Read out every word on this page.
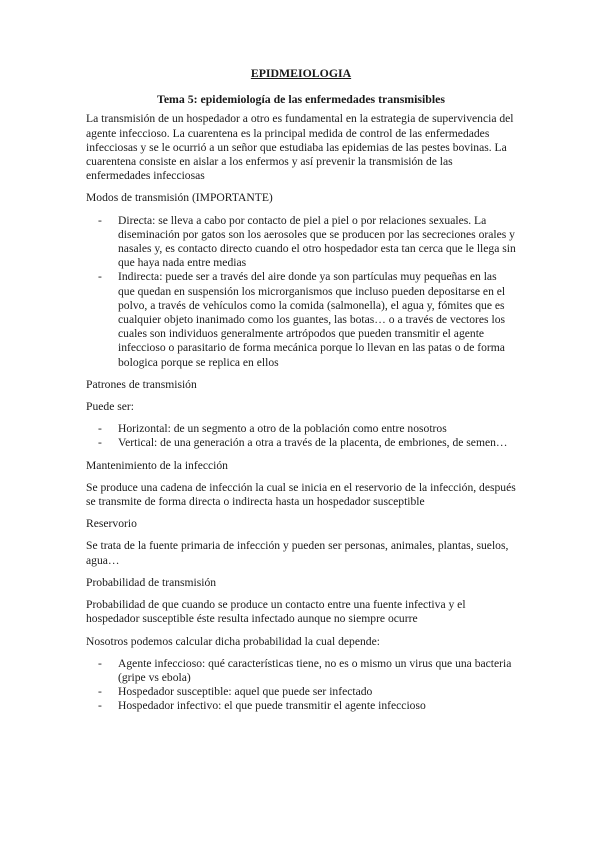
EPIDMEIOLOGIA
Tema 5: epidemiología de las enfermedades transmisibles

La transmisión de un hospedador a otro es fundamental en la estrategia de supervivencia del agente infeccioso. La cuarentena es la principal medida de control de las enfermedades infecciosas y se le ocurrió a un señor que estudiaba las epidemias de las pestes bovinas. La cuarentena consiste en aislar a los enfermos y así prevenir la transmisión de las enfermedades infecciosas

Modos de transmisión (IMPORTANTE)
- Directa: se lleva a cabo por contacto de piel a piel o por relaciones sexuales. La diseminación por gatos son los aerosoles que se producen por las secreciones orales y nasales y, es contacto directo cuando el otro hospedador esta tan cerca que le llega sin que haya nada entre medias
- Indirecta: puede ser a través del aire donde ya son partículas muy pequeñas en las que quedan en suspensión los microrganismos que incluso pueden depositarse en el polvo, a través de vehículos como la comida (salmonella), el agua y, fómites que es cualquier objeto inanimado como los guantes, las botas… o a través de vectores los cuales son individuos generalmente artrópodos que pueden transmitir el agente infeccioso o parasitario de forma mecánica porque lo llevan en las patas o de forma bologica porque se replica en ellos
Patrones de transmisión

Puede ser:

- Horizontal: de un segmento a otro de la población como entre nosotros
- Vertical: de una generación a otra a través de la placenta, de embriones, de semen…
Mantenimiento de la infección

Se produce una cadena de infección la cual se inicia en el reservorio de la infección, después se transmite de forma directa o indirecta hasta un hospedador susceptible

Reservorio

Se trata de la fuente primaria de infección y pueden ser personas, animales, plantas, suelos, agua…

Probabilidad de transmisión

Probabilidad de que cuando se produce un contacto entre una fuente infectiva y el hospedador susceptible éste resulta infectado aunque no siempre ocurre

Nosotros podemos calcular dicha probabilidad la cual depende:

- Agente infeccioso: qué características tiene, no es o mismo un virus que una bacteria (gripe vs ebola)
- Hospedador susceptible: aquel que puede ser infectado
- Hospedador infectivo: el que puede transmitir el agente infeccioso
